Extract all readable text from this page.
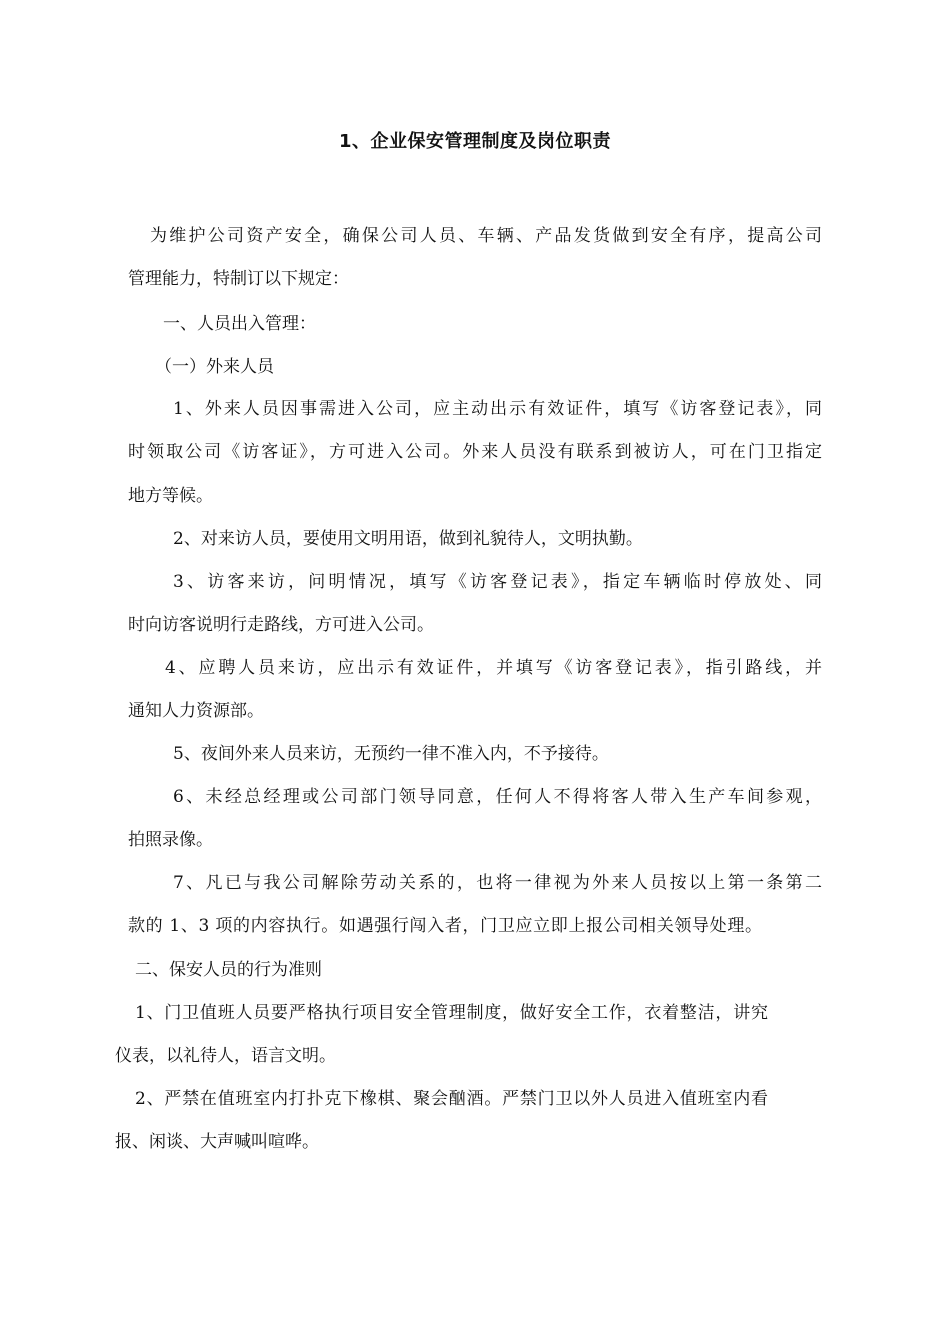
1、企业保安管理制度及岗位职责
为维护公司资产安全，确保公司人员、车辆、产品发货做到安全有序，提高公司
管理能力，特制订以下规定：
一、人员出入管理：
（一）外来人员
1、外来人员因事需进入公司，应主动出示有效证件，填写《访客登记表》，同
时领取公司《访客证》，方可进入公司。外来人员没有联系到被访人，可在门卫指定
地方等候。
2、对来访人员，要使用文明用语，做到礼貌待人，文明执勤。
3、访客来访，问明情况，填写《访客登记表》，指定车辆临时停放处、同
时向访客说明行走路线，方可进入公司。
4、应聘人员来访，应出示有效证件，并填写《访客登记表》，指引路线，并
通知人力资源部。
5、夜间外来人员来访，无预约一律不准入内，不予接待。
6、未经总经理或公司部门领导同意，任何人不得将客人带入生产车间参观，
拍照录像。
7、凡已与我公司解除劳动关系的，也将一律视为外来人员按以上第一条第二
款的 1、3 项的内容执行。如遇强行闯入者，门卫应立即上报公司相关领导处理。
二、保安人员的行为准则
1、门卫值班人员要严格执行项目安全管理制度，做好安全工作，衣着整洁，讲究
仪表，以礼待人，语言文明。
2、严禁在值班室内打扑克下橡棋、聚会酗酒。严禁门卫以外人员进入值班室内看
报、闲谈、大声喊叫喧哗。
